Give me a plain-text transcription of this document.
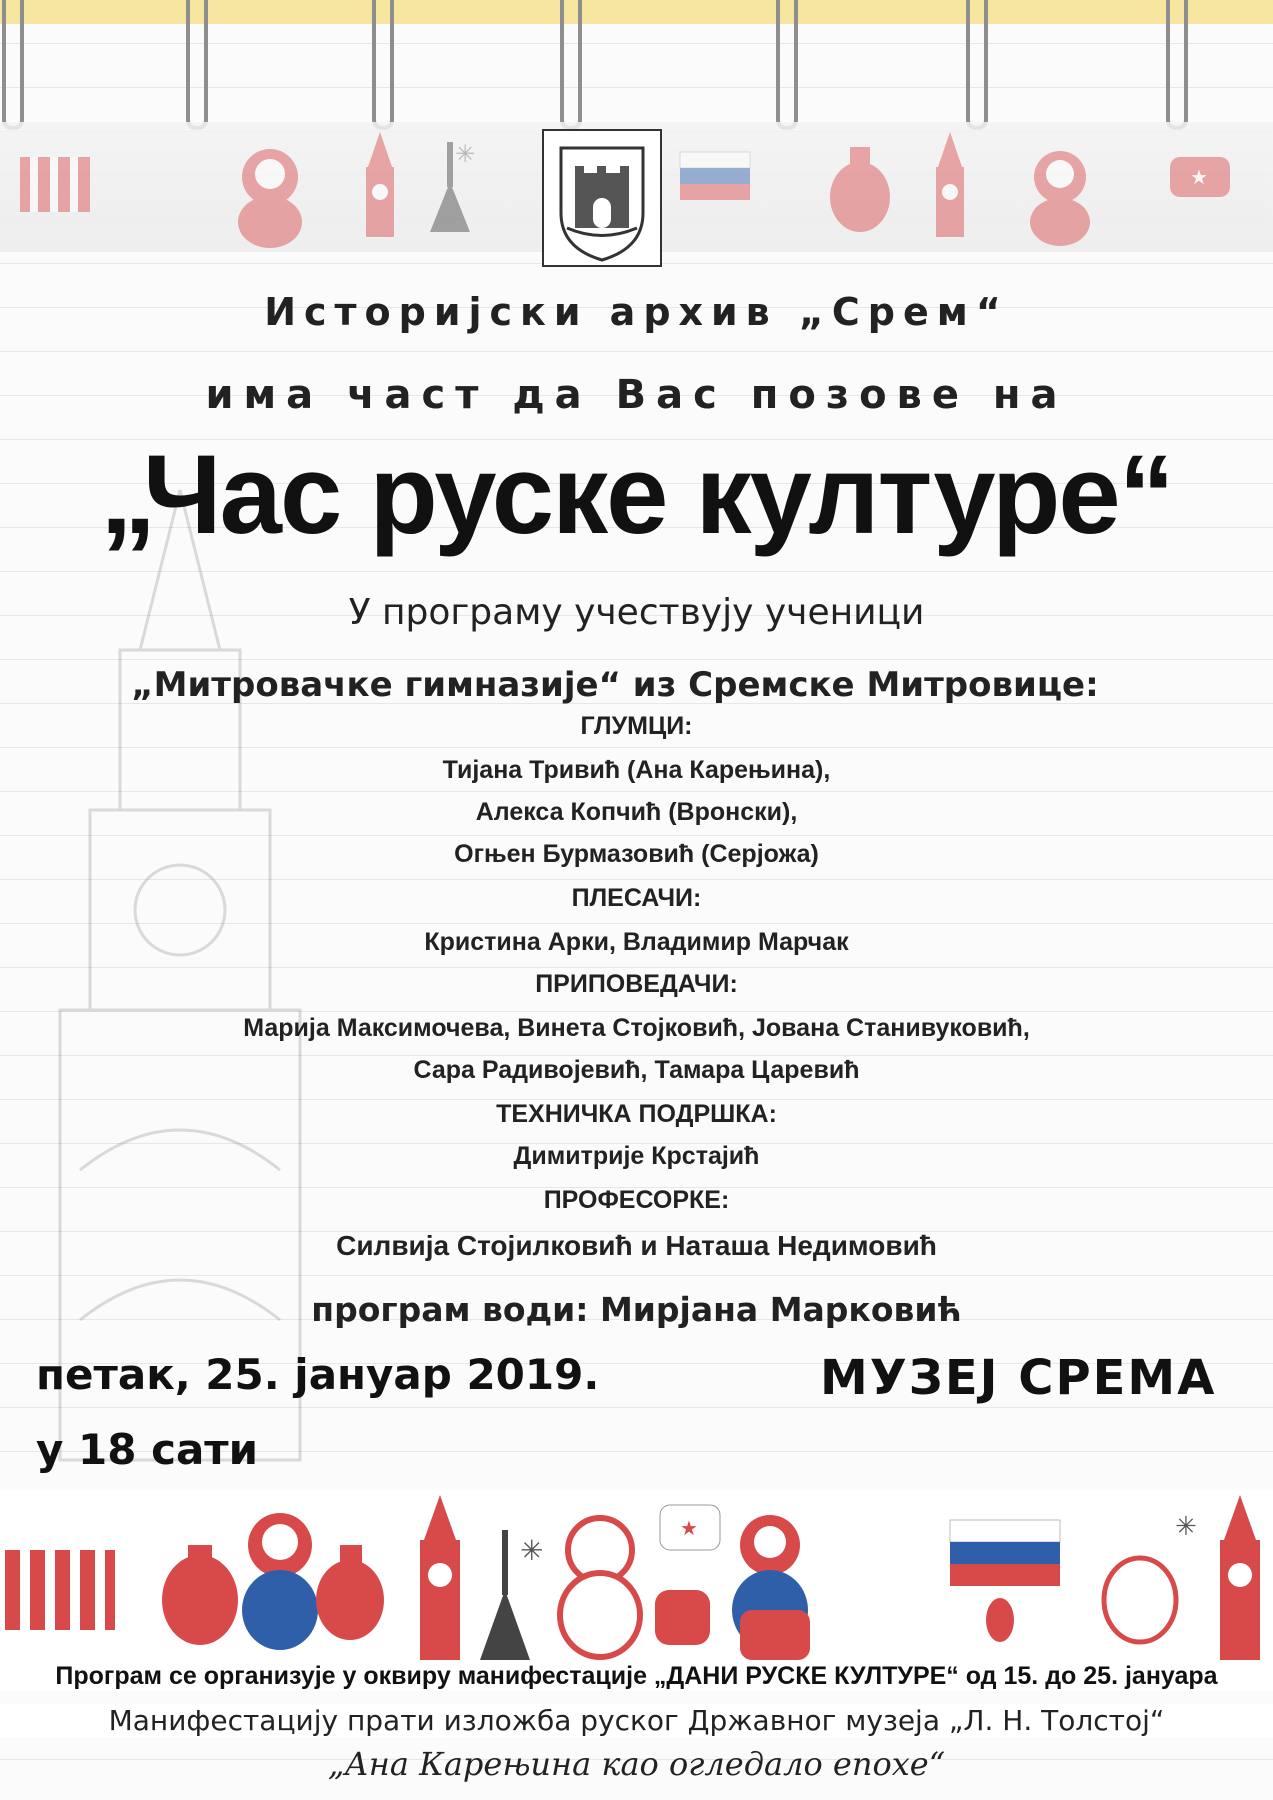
✳
★
Историјски архив „Срем“
има част да Вас позове на
„Час руске културе“
У програму учествују ученици
„Митровачке гимназије“ из Сремске Митровице:
ГЛУМЦИ:
Тијана Тривић (Ана Карењина),
Алекса Копчић (Вронски),
Огњен Бурмазовић (Серјожа)
ПЛЕСАЧИ:
Кристина Арки, Владимир Марчак
ПРИПОВЕДАЧИ:
Марија Максимочева, Винета Стојковић, Јована Станивуковић,
Сара Радивојевић, Тамара Царевић
ТЕХНИЧКА ПОДРШКА:
Димитрије Крстајић
ПРОФЕСОРКЕ:
Силвија Стојилковић и Наташа Недимовић
програм води: Мирјана Марковић
петак, 25. јануар 2019.
у 18 сати
МУЗЕЈ СРЕМА
✳
★	✳
Програм се организује у оквиру манифестације „ДАНИ РУСКЕ КУЛТУРЕ“ од 15. до 25. јануара
Манифестацију прати изложба руског Државног музеја „Л. Н. Толстој“
„Ана Карењина као огледало епохе“
